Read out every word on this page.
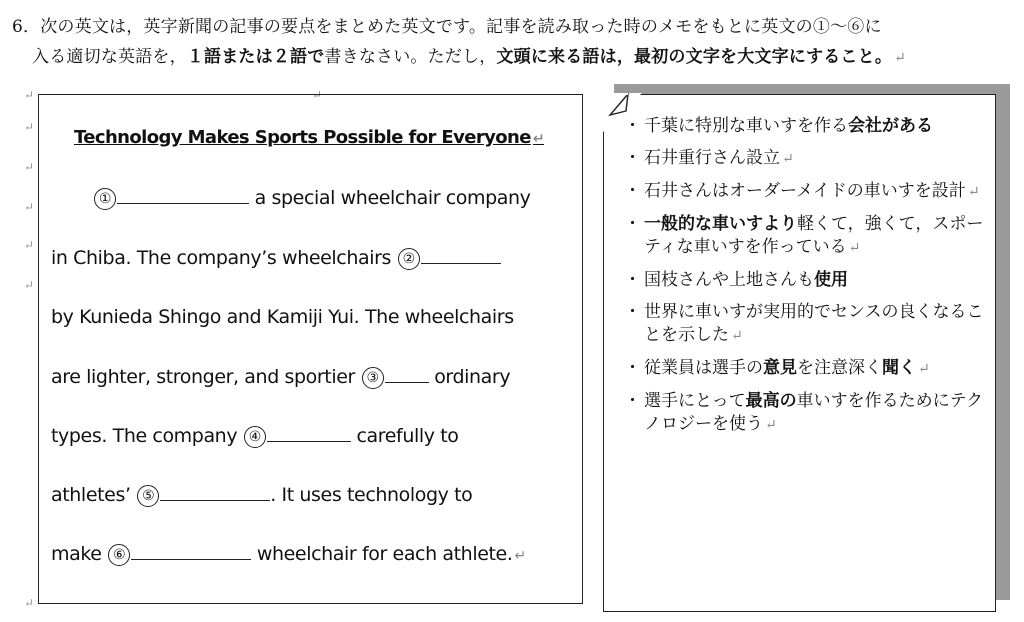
6．次の英文は，英字新聞の記事の要点をまとめた英文です。記事を読み取った時のメモをもとに英文の①～⑥に
入る適切な英語を，１語または２語で書きなさい。ただし，文頭に来る語は，最初の文字を大文字にすること。 ↵
↵
↵
↵
↵
↵
↵
↵
↵
Technology Makes Sports Possible for Everyone ↵
①	a special wheelchair company
in Chiba. The company’s wheelchairs ②
by Kunieda Shingo and Kamiji Yui. The wheelchairs
are lighter, stronger, and sportier ③	ordinary
types. The company ④	carefully to
athletes’ ⑤	. It uses technology to
make ⑥	wheelchair for each athlete. ↵
・ 千葉に特別な車いすを作る会社がある
・ 石井重行さん設立 ↵
・ 石井さんはオーダーメイドの車いすを設計 ↵
・ 一般的な車いすより軽くて，強くて，スポーティな車いすを作っている ↵
・ 国枝さんや上地さんも使用
・ 世界に車いすが実用的でセンスの良くなることを示した ↵
・ 従業員は選手の意見を注意深く聞く ↵
・ 選手にとって最高の車いすを作るためにテクノロジーを使う ↵
